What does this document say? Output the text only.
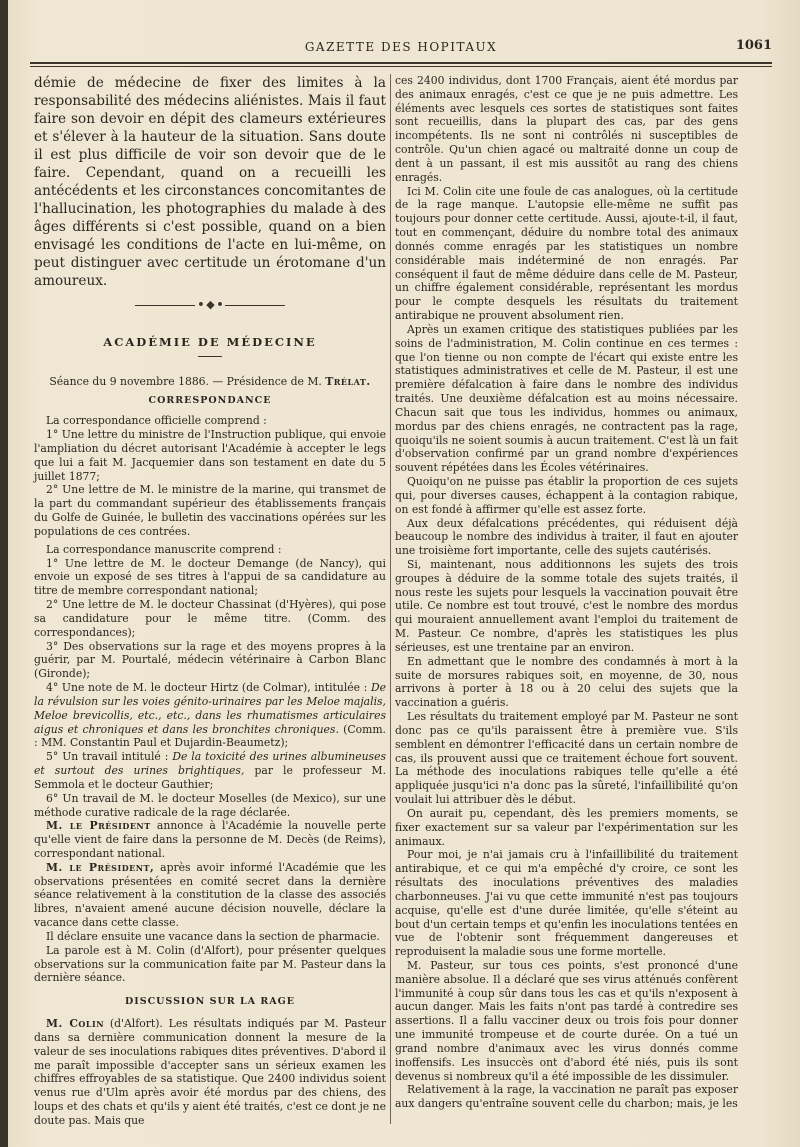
GAZETTE DES HOPITAUX	1061

démie de médecine de fixer des limites à la responsabilité des médecins aliénistes. Mais il faut faire son devoir en dépit des clameurs extérieures et s'élever à la hauteur de la situation. Sans doute il est plus difficile de voir son devoir que de le faire. Cependant, quand on a recueilli les antécédents et les circonstances concomitantes de l'hallucination, les photographies du malade à des âges différents si c'est possible, quand on a bien envisagé les conditions de l'acte en lui-même, on peut distinguer avec certitude un érotomane d'un amoureux.

• ◆ •
ACADÉMIE DE MÉDECINE

Séance du 9 novembre 1886. — Présidence de M. Trélat.

CORRESPONDANCE

La correspondance officielle comprend :

1° Une lettre du ministre de l'Instruction publique, qui envoie l'ampliation du décret autorisant l'Académie à accepter le legs que lui a fait M. Jacquemier dans son testament en date du 5 juillet 1877;

2° Une lettre de M. le ministre de la marine, qui transmet de la part du commandant supérieur des établissements français du Golfe de Guinée, le bulletin des vaccinations opérées sur les populations de ces contrées.

La correspondance manuscrite comprend :

1° Une lettre de M. le docteur Demange (de Nancy), qui envoie un exposé de ses titres à l'appui de sa candidature au titre de membre correspondant national;

2° Une lettre de M. le docteur Chassinat (d'Hyères), qui pose sa candidature pour le même titre. (Comm. des correspondances);

3° Des observations sur la rage et des moyens propres à la guérir, par M. Pourtalé, médecin vétérinaire à Carbon Blanc (Gironde);

4° Une note de M. le docteur Hirtz (de Colmar), intitulée : De la révulsion sur les voies génito-urinaires par les Meloe majalis, Meloe brevicollis, etc., etc., dans les rhumatismes articulaires aigus et chroniques et dans les bronchites chroniques. (Comm. : MM. Constantin Paul et Dujardin-Beaumetz);

5° Un travail intitulé : De la toxicité des urines albumineuses et surtout des urines brightiques, par le professeur M. Semmola et le docteur Gauthier;

6° Un travail de M. le docteur Moselles (de Mexico), sur une méthode curative radicale de la rage déclarée.

M. le Président annonce à l'Académie la nouvelle perte qu'elle vient de faire dans la personne de M. Decès (de Reims), correspondant national.

M. le Président, après avoir informé l'Académie que les observations présentées en comité secret dans la dernière séance relativement à la constitution de la classe des associés libres, n'avaient amené aucune décision nouvelle, déclare la vacance dans cette classe.

Il déclare ensuite une vacance dans la section de pharmacie.

La parole est à M. Colin (d'Alfort), pour présenter quelques observations sur la communication faite par M. Pasteur dans la dernière séance.

DISCUSSION SUR LA RAGE

M. Colin (d'Alfort). Les résultats indiqués par M. Pasteur dans sa dernière communication donnent la mesure de la valeur de ses inoculations rabiques dites préventives. D'abord il me paraît impossible d'accepter sans un sérieux examen les chiffres effroyables de sa statistique. Que 2400 individus soient venus rue d'Ulm après avoir été mordus par des chiens, des loups et des chats et qu'ils y aient été traités, c'est ce dont je ne doute pas. Mais que

ces 2400 individus, dont 1700 Français, aient été mordus par des animaux enragés, c'est ce que je ne puis admettre. Les éléments avec lesquels ces sortes de statistiques sont faites sont recueillis, dans la plupart des cas, par des gens incompétents. Ils ne sont ni contrôlés ni susceptibles de contrôle. Qu'un chien agacé ou maltraité donne un coup de dent à un passant, il est mis aussitôt au rang des chiens enragés.

Ici M. Colin cite une foule de cas analogues, où la certitude de la rage manque. L'autopsie elle-même ne suffit pas toujours pour donner cette certitude. Aussi, ajoute-t-il, il faut, tout en commençant, déduire du nombre total des animaux donnés comme enragés par les statistiques un nombre considérable mais indéterminé de non enragés. Par conséquent il faut de même déduire dans celle de M. Pasteur, un chiffre également considérable, représentant les mordus pour le compte desquels les résultats du traitement antirabique ne prouvent absolument rien.

Après un examen critique des statistiques publiées par les soins de l'administration, M. Colin continue en ces termes : que l'on tienne ou non compte de l'écart qui existe entre les statistiques administratives et celle de M. Pasteur, il est une première défalcation à faire dans le nombre des individus traités. Une deuxième défalcation est au moins nécessaire. Chacun sait que tous les individus, hommes ou animaux, mordus par des chiens enragés, ne contractent pas la rage, quoiqu'ils ne soient soumis à aucun traitement. C'est là un fait d'observation confirmé par un grand nombre d'expériences souvent répétées dans les Écoles vétérinaires.

Quoiqu'on ne puisse pas établir la proportion de ces sujets qui, pour diverses causes, échappent à la contagion rabique, on est fondé à affirmer qu'elle est assez forte.

Aux deux défalcations précédentes, qui réduisent déjà beaucoup le nombre des individus à traiter, il faut en ajouter une troisième fort importante, celle des sujets cautérisés.

Si, maintenant, nous additionnons les sujets des trois groupes à déduire de la somme totale des sujets traités, il nous reste les sujets pour lesquels la vaccination pouvait être utile. Ce nombre est tout trouvé, c'est le nombre des mordus qui mouraient annuellement avant l'emploi du traitement de M. Pasteur. Ce nombre, d'après les statistiques les plus sérieuses, est une trentaine par an environ.

En admettant que le nombre des condamnés à mort à la suite de morsures rabiques soit, en moyenne, de 30, nous arrivons à porter à 18 ou à 20 celui des sujets que la vaccination a guéris.

Les résultats du traitement employé par M. Pasteur ne sont donc pas ce qu'ils paraissent être à première vue. S'ils semblent en démontrer l'efficacité dans un certain nombre de cas, ils prouvent aussi que ce traitement échoue fort souvent. La méthode des inoculations rabiques telle qu'elle a été appliquée jusqu'ici n'a donc pas la sûreté, l'infaillibilité qu'on voulait lui attribuer dès le début.

On aurait pu, cependant, dès les premiers moments, se fixer exactement sur sa valeur par l'expérimentation sur les animaux.

Pour moi, je n'ai jamais cru à l'infaillibilité du traitement antirabique, et ce qui m'a empêché d'y croire, ce sont les résultats des inoculations préventives des maladies charbonneuses. J'ai vu que cette immunité n'est pas toujours acquise, qu'elle est d'une durée limitée, qu'elle s'éteint au bout d'un certain temps et qu'enfin les inoculations tentées en vue de l'obtenir sont fréquemment dangereuses et reproduisent la maladie sous une forme mortelle.

M. Pasteur, sur tous ces points, s'est prononcé d'une manière absolue. Il a déclaré que ses virus atténués confèrent l'immunité à coup sûr dans tous les cas et qu'ils n'exposent à aucun danger. Mais les faits n'ont pas tardé à contredire ses assertions. Il a fallu vacciner deux ou trois fois pour donner une immunité trompeuse et de courte durée. On a tué un grand nombre d'animaux avec les virus donnés comme inoffensifs. Les insuccès ont d'abord été niés, puis ils sont devenus si nombreux qu'il a été impossible de les dissimuler.

Relativement à la rage, la vaccination ne paraît pas exposer aux dangers qu'entraîne souvent celle du charbon; mais, je les
